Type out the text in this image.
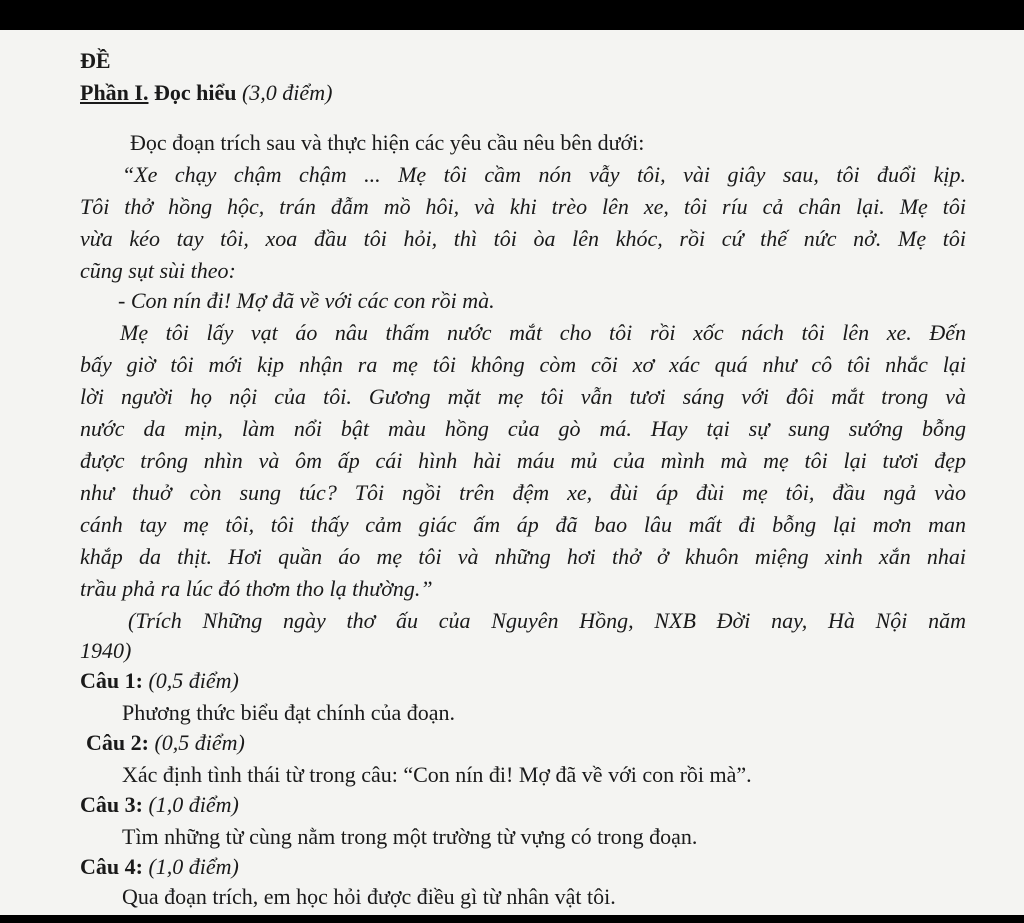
ĐỀ
Phần I. Đọc hiểu (3,0 điểm)
Đọc đoạn trích sau và thực hiện các yêu cầu nêu bên dưới:
“Xe chạy chậm chậm ... Mẹ tôi cầm nón vẫy tôi, vài giây sau, tôi đuổi kịp.
Tôi thở hồng hộc, trán đẫm mồ hôi, và khi trèo lên xe, tôi ríu cả chân lại. Mẹ tôi
vừa kéo tay tôi, xoa đầu tôi hỏi, thì tôi òa lên khóc, rồi cứ thế nức nở. Mẹ tôi
cũng sụt sùi theo:
- Con nín đi! Mợ đã về với các con rồi mà.
Mẹ tôi lấy vạt áo nâu thấm nước mắt cho tôi rồi xốc nách tôi lên xe. Đến
bấy giờ tôi mới kịp nhận ra mẹ tôi không còm cõi xơ xác quá như cô tôi nhắc lại
lời người họ nội của tôi. Gương mặt mẹ tôi vẫn tươi sáng với đôi mắt trong và
nước da mịn, làm nổi bật màu hồng của gò má. Hay tại sự sung sướng bỗng
được trông nhìn và ôm ấp cái hình hài máu mủ của mình mà mẹ tôi lại tươi đẹp
như thuở còn sung túc? Tôi ngồi trên đệm xe, đùi áp đùi mẹ tôi, đầu ngả vào
cánh tay mẹ tôi, tôi thấy cảm giác ấm áp đã bao lâu mất đi bỗng lại mơn man
khắp da thịt. Hơi quần áo mẹ tôi và những hơi thở ở khuôn miệng xinh xắn nhai
trầu phả ra lúc đó thơm tho lạ thường.”
(Trích Những ngày thơ ấu của Nguyên Hồng, NXB Đời nay, Hà Nội năm
1940)
Câu 1: (0,5 điểm)
Phương thức biểu đạt chính của đoạn.
Câu 2: (0,5 điểm)
Xác định tình thái từ trong câu: “Con nín đi! Mợ đã về với con rồi mà”.
Câu 3: (1,0 điểm)
Tìm những từ cùng nằm trong một trường từ vựng có trong đoạn.
Câu 4: (1,0 điểm)
Qua đoạn trích, em học hỏi được điều gì từ nhân vật tôi.
